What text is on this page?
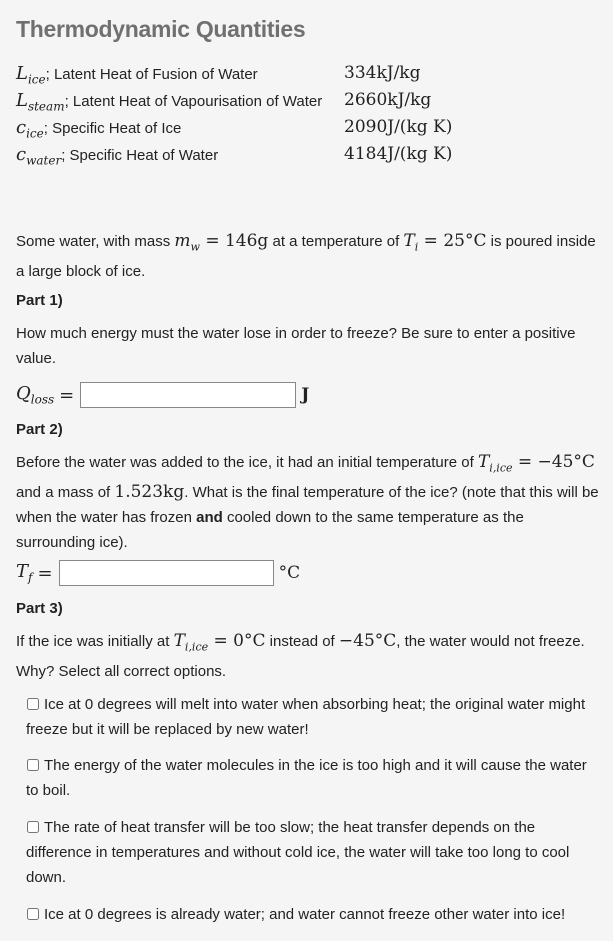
Thermodynamic Quantities
$L_{ice}$; Latent Heat of Fusion of Water	334kJ/kg
$L_{steam}$; Latent Heat of Vapourisation of Water 2660kJ/kg
$c_{ice}$; Specific Heat of Ice	2090J/(kg K)
$c_{water}$; Specific Heat of Water	4184J/(kg K)

Some water, with mass $m_w = 146g$ at a temperature of $T_i = 25^\circ C$ is poured inside a large block of ice.

Part 1)

How much energy must the water lose in order to freeze? Be sure to enter a positive value.

$Q_{loss}$ =	J

Part 2)

Before the water was added to the ice, it had an initial temperature of $T_{i,ice} = -45^\circ C$ and a mass of 1.523kg. What is the final temperature of the ice? (note that this will be when the water has frozen and cooled down to the same temperature as the surrounding ice).

$T_f$ =	°C

Part 3)

If the ice was initially at $T_{i,ice} = 0^\circ C$ instead of −45°C, the water would not freeze. Why? Select all correct options.

Ice at 0 degrees will melt into water when absorbing heat; the original water might freeze but it will be replaced by new water!
The energy of the water molecules in the ice is too high and it will cause the water to boil.
The rate of heat transfer will be too slow; the heat transfer depends on the difference in temperatures and without cold ice, the water will take too long to cool down.
Ice at 0 degrees is already water; and water cannot freeze other water into ice!
